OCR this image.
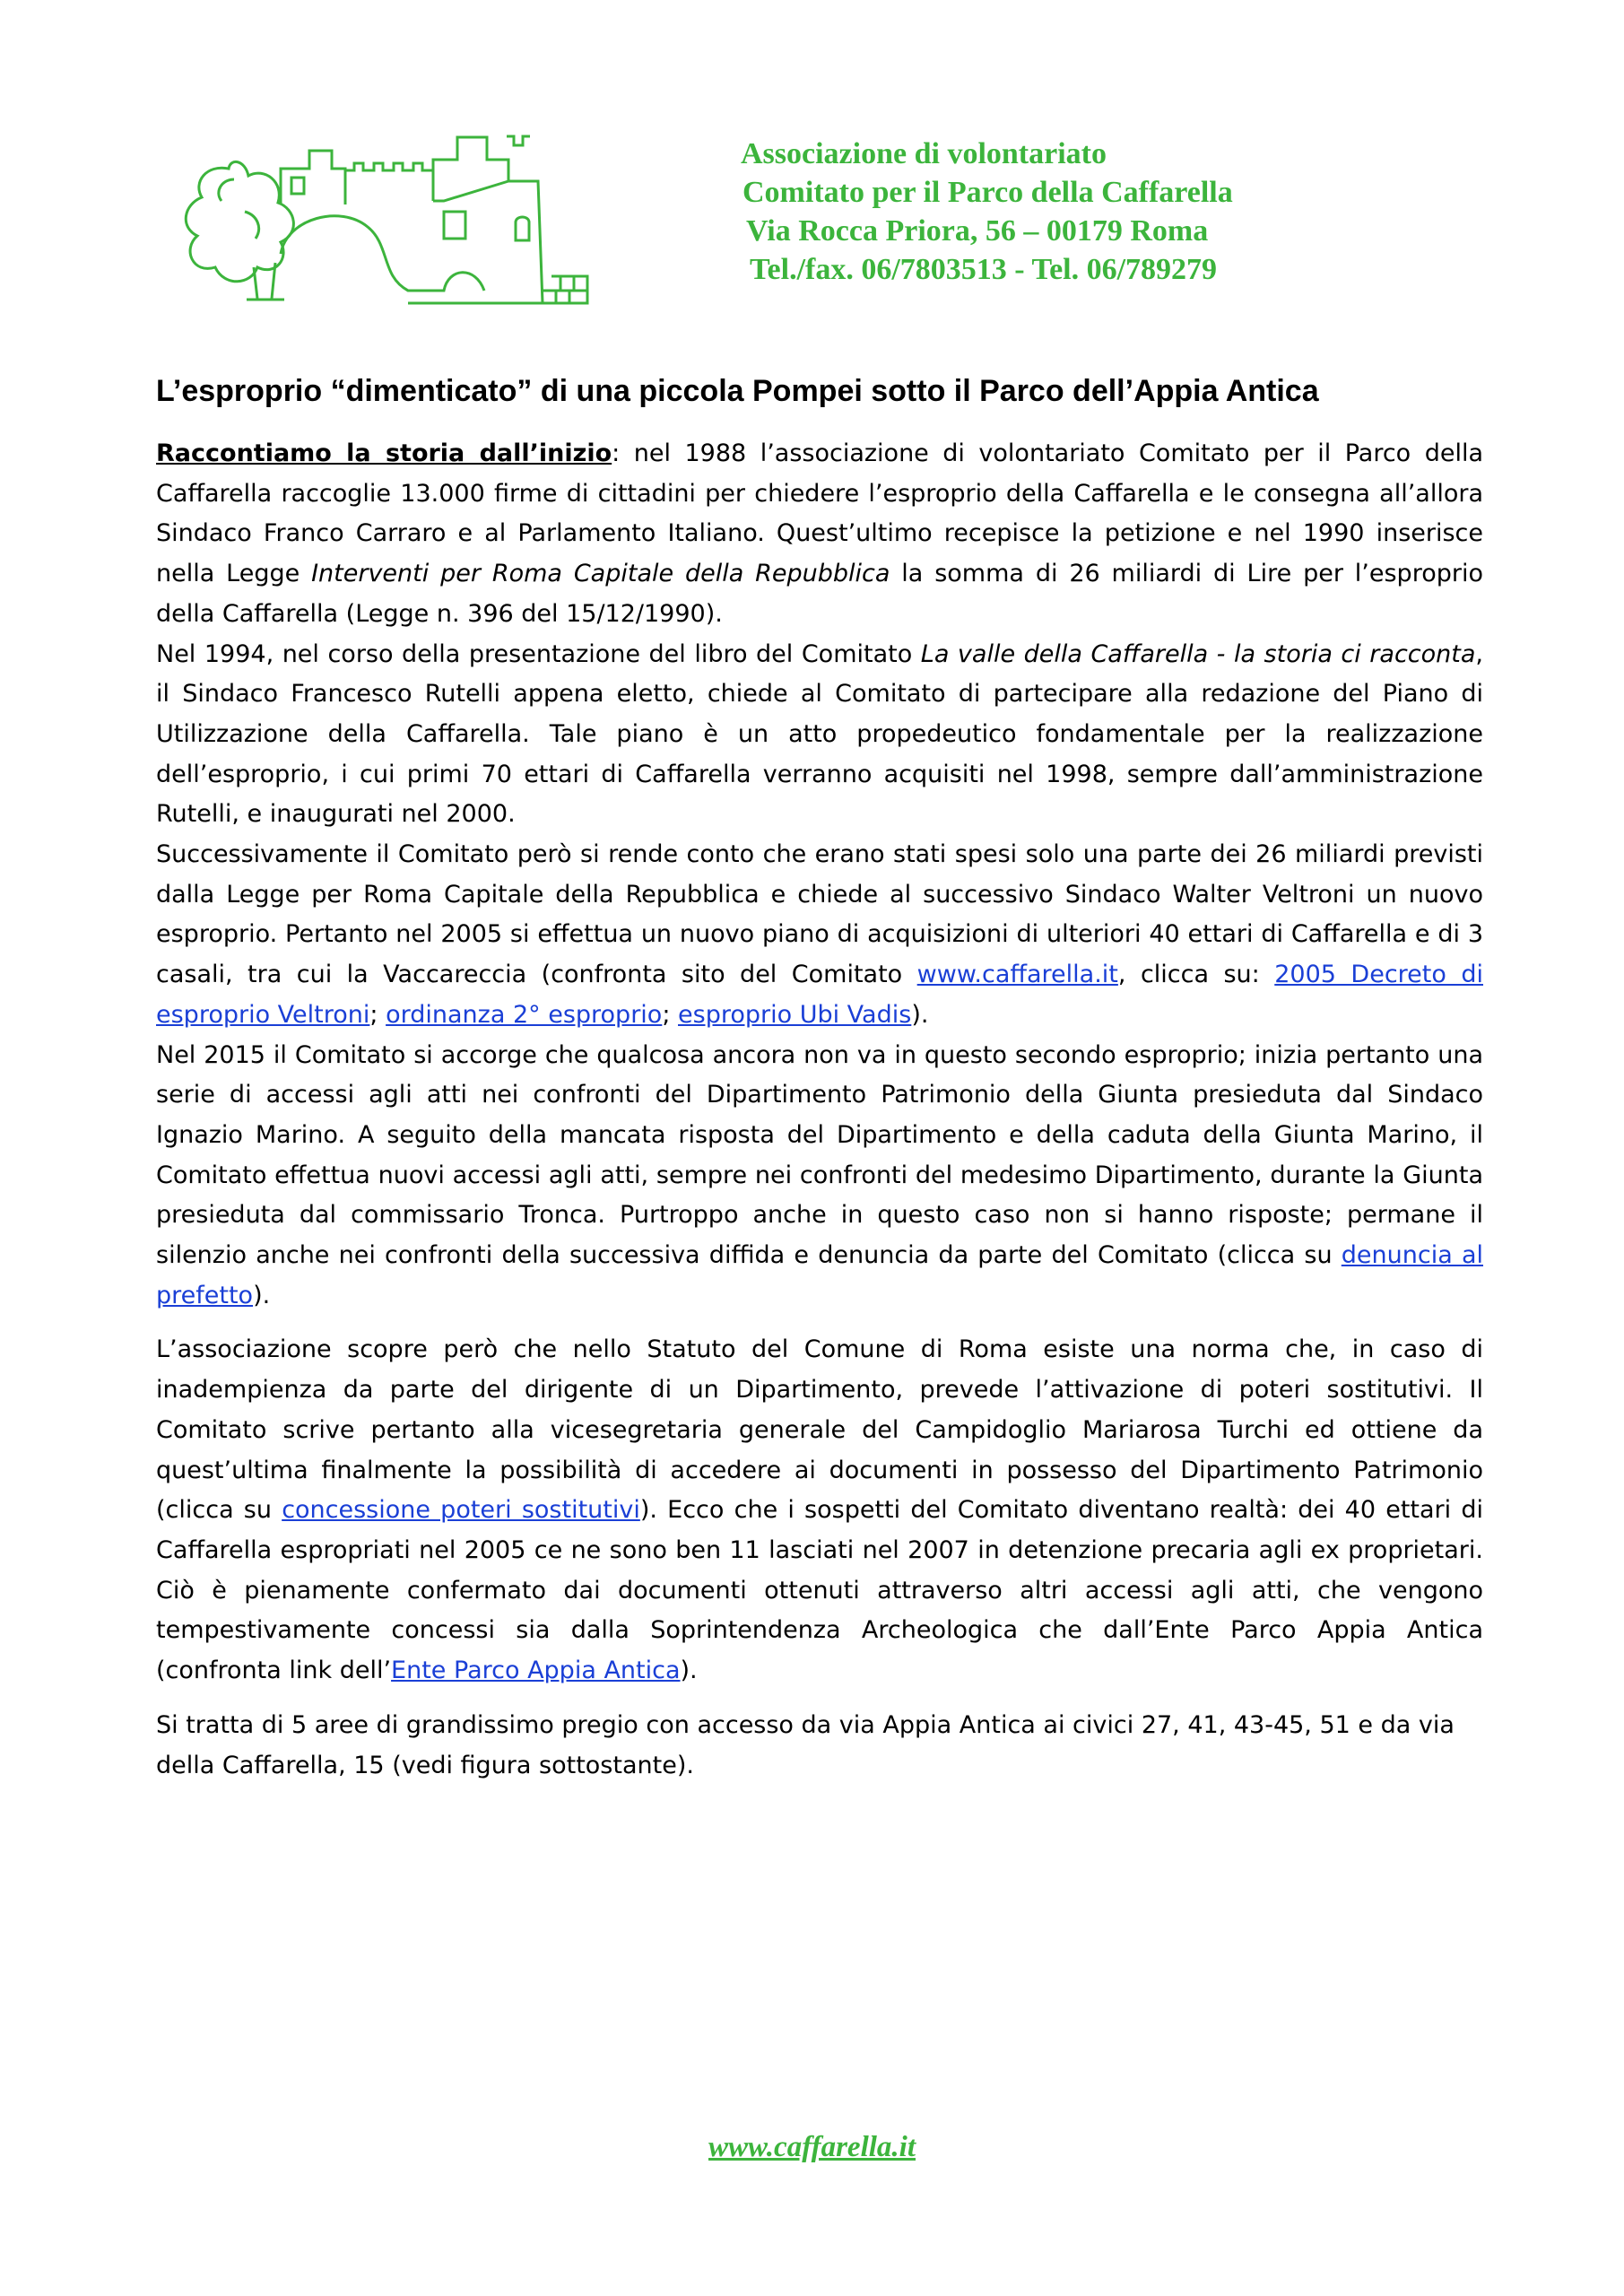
Associazione di volontariato
Comitato per il Parco della Caffarella
Via Rocca Priora, 56 – 00179 Roma
Tel./fax. 06/7803513 - Tel. 06/789279
L’esproprio “dimenticato” di una piccola Pompei sotto il Parco dell’Appia Antica

Raccontiamo la storia dall’inizio: nel 1988 l’associazione di volontariato Comitato per il Parco della Caffarella raccoglie 13.000 firme di cittadini per chiedere l’esproprio della Caffarella e le consegna all’allora Sindaco Franco Carraro e al Parlamento Italiano. Quest’ultimo recepisce la petizione e nel 1990 inserisce nella Legge Interventi per Roma Capitale della Repubblica la somma di 26 miliardi di Lire per l’esproprio della Caffarella (Legge n. 396 del 15/12/1990).

Nel 1994, nel corso della presentazione del libro del Comitato La valle della Caffarella - la storia ci racconta, il Sindaco Francesco Rutelli appena eletto, chiede al Comitato di partecipare alla redazione del Piano di Utilizzazione della Caffarella. Tale piano è un atto propedeutico fondamentale per la realizzazione dell’esproprio, i cui primi 70 ettari di Caffarella verranno acquisiti nel 1998, sempre dall’amministrazione Rutelli, e inaugurati nel 2000.

Successivamente il Comitato però si rende conto che erano stati spesi solo una parte dei 26 miliardi previsti dalla Legge per Roma Capitale della Repubblica e chiede al successivo Sindaco Walter Veltroni un nuovo esproprio. Pertanto nel 2005 si effettua un nuovo piano di acquisizioni di ulteriori 40 ettari di Caffarella e di 3 casali, tra cui la Vaccareccia (confronta sito del Comitato www.caffarella.it, clicca su: 2005 Decreto di esproprio Veltroni; ordinanza 2° esproprio; esproprio Ubi Vadis).

Nel 2015 il Comitato si accorge che qualcosa ancora non va in questo secondo esproprio; inizia pertanto una serie di accessi agli atti nei confronti del Dipartimento Patrimonio della Giunta presieduta dal Sindaco Ignazio Marino. A seguito della mancata risposta del Dipartimento e della caduta della Giunta Marino, il Comitato effettua nuovi accessi agli atti, sempre nei confronti del medesimo Dipartimento, durante la Giunta presieduta dal commissario Tronca. Purtroppo anche in questo caso non si hanno risposte; permane il silenzio anche nei confronti della successiva diffida e denuncia da parte del Comitato (clicca su denuncia al prefetto).

L’associazione scopre però che nello Statuto del Comune di Roma esiste una norma che, in caso di inadempienza da parte del dirigente di un Dipartimento, prevede l’attivazione di poteri sostitutivi. Il Comitato scrive pertanto alla vicesegretaria generale del Campidoglio Mariarosa Turchi ed ottiene da quest’ultima finalmente la possibilità di accedere ai documenti in possesso del Dipartimento Patrimonio (clicca su concessione poteri sostitutivi). Ecco che i sospetti del Comitato diventano realtà: dei 40 ettari di Caffarella espropriati nel 2005 ce ne sono ben 11 lasciati nel 2007 in detenzione precaria agli ex proprietari. Ciò è pienamente confermato dai documenti ottenuti attraverso altri accessi agli atti, che vengono tempestivamente concessi sia dalla Soprintendenza Archeologica che dall’Ente Parco Appia Antica (confronta link dell’Ente Parco Appia Antica).

Si tratta di 5 aree di grandissimo pregio con accesso da via Appia Antica ai civici 27, 41, 43-45, 51 e da via della Caffarella, 15 (vedi figura sottostante).

www.caffarella.it
